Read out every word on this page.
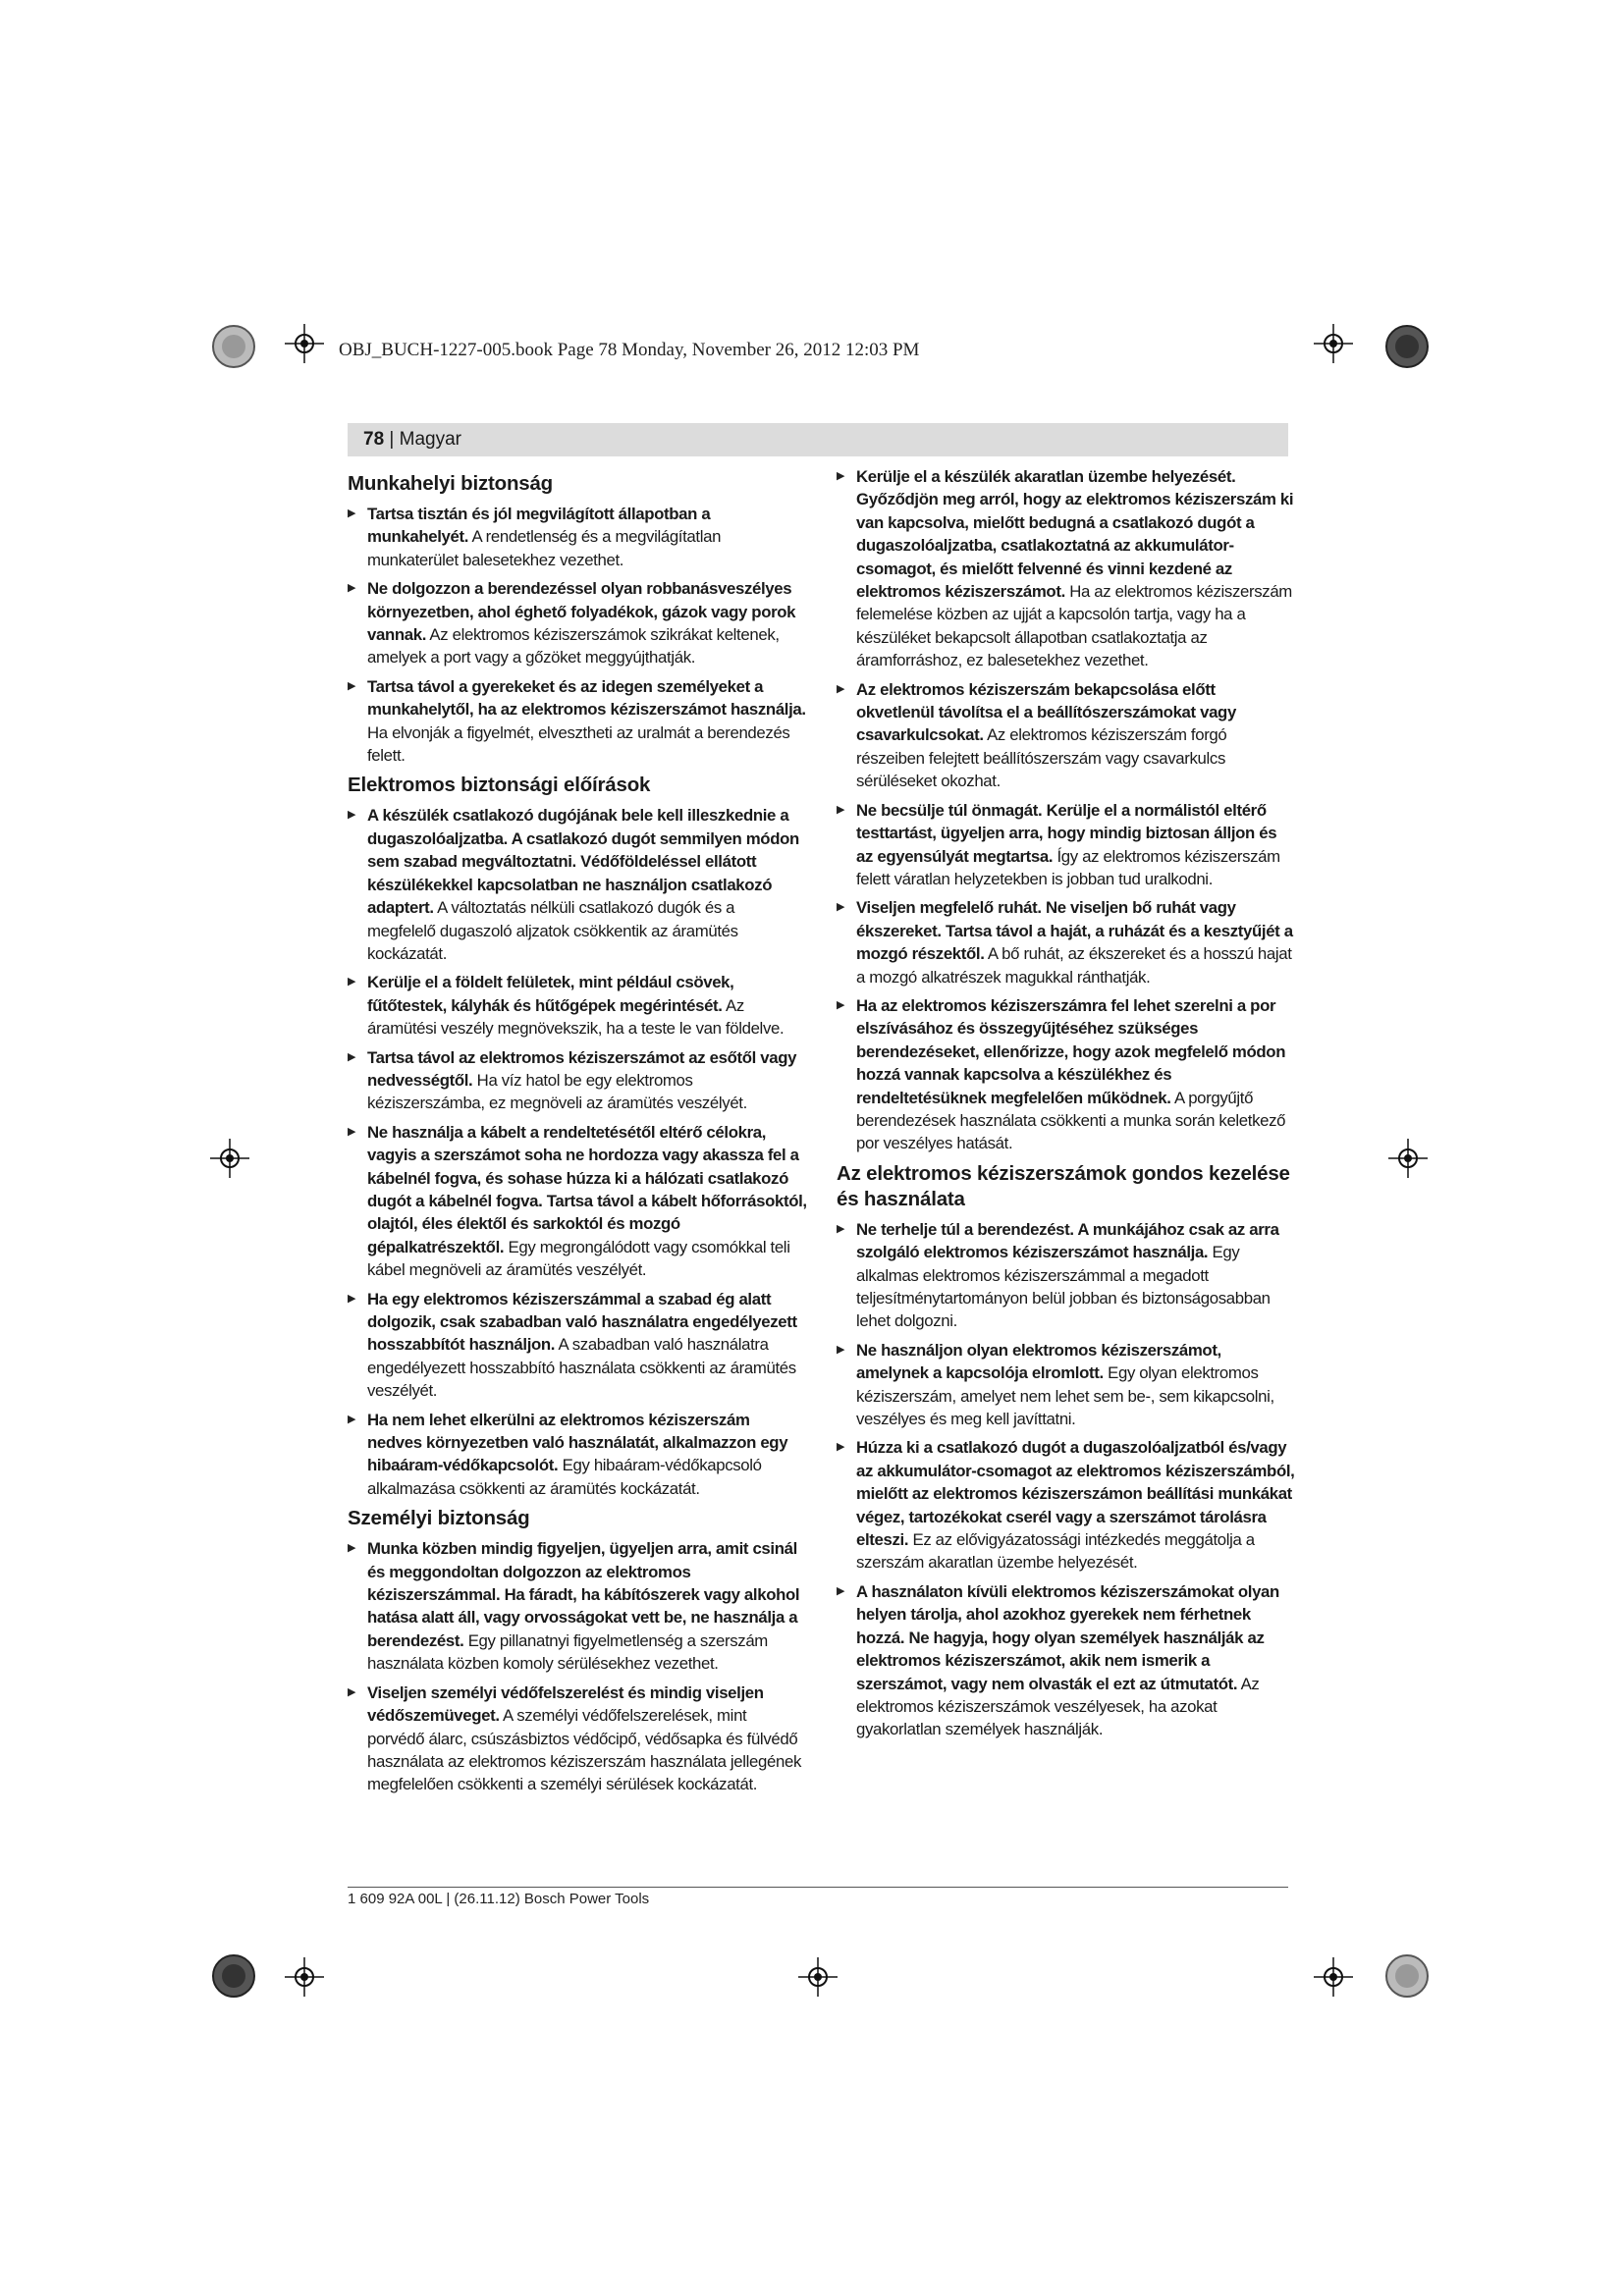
OBJ_BUCH-1227-005.book Page 78 Monday, November 26, 2012 12:03 PM
78 | Magyar
Munkahelyi biztonság
▶ Tartsa tisztán és jól megvilágított állapotban a munkahelyét. A rendetlenség és a megvilágítatlan munkaterület balesetekhez vezethet.
▶ Ne dolgozzon a berendezéssel olyan robbanásveszélyes környezetben, ahol éghető folyadékok, gázok vagy porok vannak. Az elektromos kéziszerszámok szikrákat keltenek, amelyek a port vagy a gőzöket meggyújthatják.
▶ Tartsa távol a gyerekeket és az idegen személyeket a munkahelytől, ha az elektromos kéziszerszámot használja. Ha elvonják a figyelmét, elvesztheti az uralmát a berendezés felett.
Elektromos biztonsági előírások
▶ A készülék csatlakozó dugójának bele kell illeszkednie a dugaszolóaljzatba. A csatlakozó dugót semmilyen módon sem szabad megváltoztatni. Védőföldeléssel ellátott készülékekkel kapcsolatban ne használjon csatlakozó adaptert. A változtatás nélküli csatlakozó dugók és a megfelelő dugaszoló aljzatok csökkentik az áramütés kockázatát.
▶ Kerülje el a földelt felületek, mint például csövek, fűtőtestek, kályhák és hűtőgépek megérintését. Az áramütési veszély megnövekszik, ha a teste le van földelve.
▶ Tartsa távol az elektromos kéziszerszámot az esőtől vagy nedvességtől. Ha víz hatol be egy elektromos kéziszerszámba, ez megnöveli az áramütés veszélyét.
▶ Ne használja a kábelt a rendeltetésétől eltérő célokra, vagyis a szerszámot soha ne hordozza vagy akassza fel a kábelnél fogva, és sohase húzza ki a hálózati csatlakozó dugót a kábelnél fogva. Tartsa távol a kábelt hőforrásoktól, olajtól, éles élektől és sarkoktól és mozgó gépalkatrészektől. Egy megrongálódott vagy csomókkal teli kábel megnöveli az áramütés veszélyét.
▶ Ha egy elektromos kéziszerszámmal a szabad ég alatt dolgozik, csak szabadban való használatra engedélyezett hosszabbítót használjon. A szabadban való használatra engedélyezett hosszabbító használata csökkenti az áramütés veszélyét.
▶ Ha nem lehet elkerülni az elektromos kéziszerszám nedves környezetben való használatát, alkalmazzon egy hibaáram-védőkapcsolót. Egy hibaáram-védőkapcsoló alkalmazása csökkenti az áramütés kockázatát.
Személyi biztonság
▶ Munka közben mindig figyeljen, ügyeljen arra, amit csinál és meggondoltan dolgozzon az elektromos kéziszerszámmal. Ha fáradt, ha kábítószerek vagy alkohol hatása alatt áll, vagy orvosságokat vett be, ne használja a berendezést. Egy pillanatnyi figyelmetlenség a szerszám használata közben komoly sérülésekhez vezethet.
▶ Viseljen személyi védőfelszerelést és mindig viseljen védőszemüveget. A személyi védőfelszerelések, mint porvédő álarc, csúszásbiztos védőcipő, védősapka és fülvédő használata az elektromos kéziszerszám használata jellegének megfelelően csökkenti a személyi sérülések kockázatát.
▶ Kerülje el a készülék akaratlan üzembe helyezését. Győződjön meg arról, hogy az elektromos kéziszerszám ki van kapcsolva, mielőtt bedugná a csatlakozó dugót a dugaszolóaljzatba, csatlakoztatná az akkumulátor-csomagot, és mielőtt felvenné és vinni kezdené az elektromos kéziszerszámot. Ha az elektromos kéziszerszám felemelése közben az ujját a kapcsolón tartja, vagy ha a készüléket bekapcsolt állapotban csatlakoztatja az áramforráshoz, ez balesetekhez vezethet.
▶ Az elektromos kéziszerszám bekapcsolása előtt okvetlenül távolítsa el a beállítószerszámokat vagy csavarkulcsokat. Az elektromos kéziszerszám forgó részeiben felejtett beállítószerszám vagy csavarkulcs sérüléseket okozhat.
▶ Ne becsülje túl önmagát. Kerülje el a normálistól eltérő testtartást, ügyeljen arra, hogy mindig biztosan álljon és az egyensúlyát megtartsa. Így az elektromos kéziszerszám felett váratlan helyzetekben is jobban tud uralkodni.
▶ Viseljen megfelelő ruhát. Ne viseljen bő ruhát vagy ékszereket. Tartsa távol a haját, a ruházát és a kesztyűjét a mozgó részektől. A bő ruhát, az ékszereket és a hosszú hajat a mozgó alkatrészek magukkal ránthatják.
▶ Ha az elektromos kéziszerszámra fel lehet szerelni a por elszívásához és összegyűjtéséhez szükséges berendezéseket, ellenőrizze, hogy azok megfelelő módon hozzá vannak kapcsolva a készülékhez és rendeltetésüknek megfelelően működnek. A porgyűjtő berendezések használata csökkenti a munka során keletkező por veszélyes hatását.
Az elektromos kéziszerszámok gondos kezelése és használata
▶ Ne terhelje túl a berendezést. A munkájához csak az arra szolgáló elektromos kéziszerszámot használja. Egy alkalmas elektromos kéziszerszámmal a megadott teljesítménytartományon belül jobban és biztonságosabban lehet dolgozni.
▶ Ne használjon olyan elektromos kéziszerszámot, amelynek a kapcsolója elromlott. Egy olyan elektromos kéziszerszám, amelyet nem lehet sem be-, sem kikapcsolni, veszélyes és meg kell javíttatni.
▶ Húzza ki a csatlakozó dugót a dugaszolóaljzatból és/vagy az akkumulátor-csomagot az elektromos kéziszerszámból, mielőtt az elektromos kéziszerszámon beállítási munkákat végez, tartozékokat cserél vagy a szerszámot tárolásra elteszi. Ez az elővigyázatossági intézkedés meggátolja a szerszám akaratlan üzembe helyezését.
▶ A használaton kívüli elektromos kéziszerszámokat olyan helyen tárolja, ahol azokhoz gyerekek nem férhetnek hozzá. Ne hagyja, hogy olyan személyek használják az elektromos kéziszerszámot, akik nem ismerik a szerszámot, vagy nem olvasták el ezt az útmutatót. Az elektromos kéziszerszámok veszélyesek, ha azokat gyakorlatlan személyek használják.
1 609 92A 00L | (26.11.12) Bosch Power Tools
